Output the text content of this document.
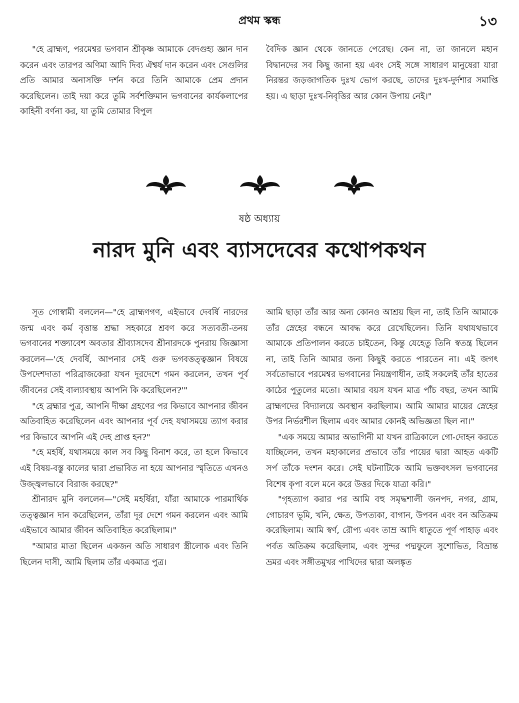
প্রথম স্কন্ধ	১৩

"হে ব্রাহ্মণ, পরমেশ্বর ভগবান শ্রীকৃষ্ণ আমাকে বেদগুহ্য জ্ঞান দান করেন এবং তারপর অণিমা আদি দিব্য ঐশ্বর্য দান করেন এবং সেগুলির প্রতি আমার অনাসক্তি দর্শন করে তিনি আমাকে প্রেম প্রদান করেছিলেন। তাই দয়া করে তুমি সর্বশক্তিমান ভগবানের কার্যকলাপের কাহিনী বর্ণনা কর, যা তুমি তোমার বিপুল

বৈদিক জ্ঞান থেকে জানতে পেরেছ। কেন না, তা জানলে মহান বিদ্বানদের সব কিছু জানা হয় এবং সেই সঙ্গে সাধারণ মানুষেরা যারা নিরন্তর জড়জাগতিক দুঃখ ভোগ করছে, তাদের দুঃখ-দুর্দশার সমাপ্তি হয়। এ ছাড়া দুঃখ-নিবৃত্তির আর কোন উপায় নেই।"

ষষ্ঠ অধ্যায়
নারদ মুনি এবং ব্যাসদেবের কথোপকথন

সূত গোস্বামী বললেন—"হে ব্রাহ্মণগণ, এইভাবে দেবর্ষি নারদের জন্ম এবং কর্ম বৃত্তান্ত শ্রদ্ধা সহকারে শ্রবণ করে সত্যবতী-তনয় ভগবানের শক্ত্যাবেশ অবতার শ্রীব্যাসদেব শ্রীনারদকে পুনরায় জিজ্ঞাসা করলেন—'হে দেবর্ষি, আপনার সেই গুরু ভগবত্তত্ত্বজ্ঞান বিষয়ে উপদেশদাতা পরিব্রাজকেরা যখন দূরদেশে গমন করলেন, তখন পূর্ব জীবনের সেই বাল্যাবস্থায় আপনি কি করেছিলেন?'"

"হে ব্রহ্মার পুত্র, আপনি দীক্ষা গ্রহণের পর কিভাবে আপনার জীবন অতিবাহিত করেছিলেন এবং আপনার পূর্ব দেহ যথাসময়ে ত্যাগ করার পর কিভাবে আপনি এই দেহ প্রাপ্ত হন?"

"হে মহর্ষি, যথাসময়ে কাল সব কিছু বিনাশ করে, তা হলে কিভাবে এই বিষয়-বস্তু কালের দ্বারা প্রভাবিত না হয়ে আপনার স্মৃতিতে এখনও উজ্জ্বলভাবে বিরাজ করছে?"

শ্রীনারদ মুনি বললেন—"সেই মহর্ষিরা, যাঁরা আমাকে পারমার্থিক তত্ত্বজ্ঞান দান করেছিলেন, তাঁরা দূর দেশে গমন করলেন এবং আমি এইভাবে আমার জীবন অতিবাহিত করেছিলাম।"

"আমার মাতা ছিলেন একজন অতি সাধারণ স্ত্রীলোক এবং তিনি ছিলেন দাসী, আমি ছিলাম তাঁর একমাত্র পুত্র।

আমি ছাড়া তাঁর আর অন্য কোনও আশ্রয় ছিল না, তাই তিনি আমাকে তাঁর স্নেহের বন্ধনে আবদ্ধ করে রেখেছিলেন। তিনি যথাযথভাবে আমাকে প্রতিপালন করতে চাইতেন, কিন্তু যেহেতু তিনি স্বতন্ত্র ছিলেন না, তাই তিনি আমার জন্য কিছুই করতে পারতেন না। এই জগৎ সর্বতোভাবে পরমেশ্বর ভগবানের নিয়ন্ত্রণাধীন, তাই সকলেই তাঁর হাতের কাঠের পুতুলের মতো। আমার বয়স যখন মাত্র পাঁচ বছর, তখন আমি ব্রাহ্মণদের বিদ্যালয়ে অবস্থান করছিলাম। আমি আমার মায়ের স্নেহের উপর নির্ভরশীল ছিলাম এবং আমার কোনই অভিজ্ঞতা ছিল না।"

"এক সময়ে আমার অভাগিনী মা যখন রাত্রিকালে গো-দোহন করতে যাচ্ছিলেন, তখন মহাকালের প্রভাবে তাঁর পায়ের দ্বারা আহত একটি সর্প তাঁকে দংশন করে। সেই ঘটনাটিকে আমি ভক্তবৎসল ভগবানের বিশেষ কৃপা বলে মনে করে উত্তর দিকে যাত্রা করি।"

"গৃহত্যাগ করার পর আমি বহু সমৃদ্ধশালী জনপদ, নগর, গ্রাম, গোচারণ ভূমি, খনি, ক্ষেত, উপত্যকা, বাগান, উপবন এবং বন অতিক্রম করেছিলাম। আমি স্বর্ণ, রৌপ্য এবং তাম্র আদি ধাতুতে পূর্ণ পাহাড় এবং পর্বত অতিক্রম করেছিলাম, এবং সুন্দর পদ্মফুলে সুশোভিত, বিভ্রান্ত ভ্রমর এবং সঙ্গীতমুখর পাখিদের দ্বারা অলঙ্কৃত
